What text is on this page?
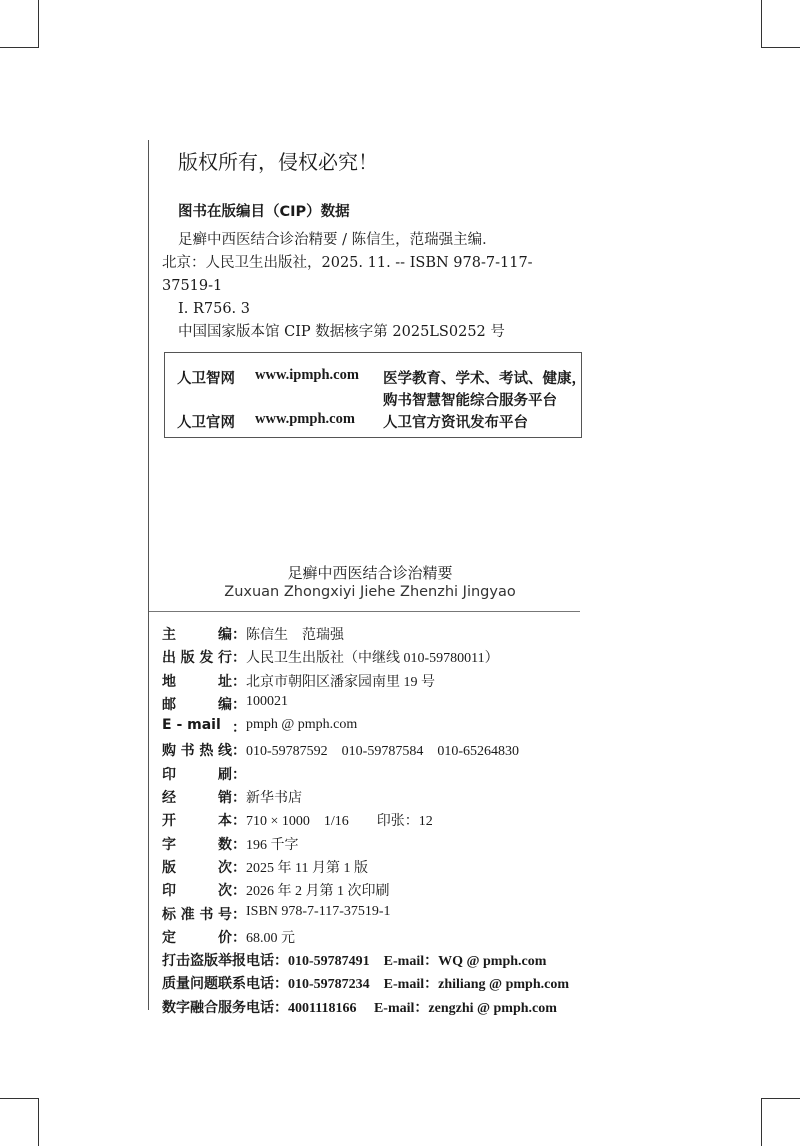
版权所有，侵权必究！
图书在版编目（CIP）数据
足癣中西医结合诊治精要 / 陈信生，范瑞强主编．
北京：人民卫生出版社，2025. 11. -- ISBN 978-7-117-
37519-1
Ⅰ. R756. 3
中国国家版本馆 CIP 数据核字第 2025LS0252 号
人卫智网 www.ipmph.com 医学教育、学术、考试、健康，
购书智慧智能综合服务平台
人卫官网 www.pmph.com 人卫官方资讯发布平台
足癣中西医结合诊治精要
Zuxuan Zhongxiyi Jiehe Zhenzhi Jingyao
主	编 ： 陈信生　范瑞强
出 版 发 行 ： 人民卫生出版社（中继线 010-59780011）
地	址 ： 北京市朝阳区潘家园南里 19 号
邮	编 ： 100021
E - mail ： pmph @ pmph.com
购 书 热 线 ： 010-59787592　010-59787584　010-65264830
印	刷 ：
经	销 ： 新华书店
开	本 ： 710 × 1000　1/16　　印张：12
字	数 ： 196 千字
版	次 ： 2025 年 11 月第 1 版
印	次 ： 2026 年 2 月第 1 次印刷
标 准 书 号 ： ISBN 978-7-117-37519-1
定	价 ： 68.00 元
打击盗版举报电话 ： 010-59787491　E-mail：WQ @ pmph.com
质量问题联系电话 ： 010-59787234　E-mail：zhiliang @ pmph.com
数字融合服务电话 ： 4001118166　 E-mail：zengzhi @ pmph.com
